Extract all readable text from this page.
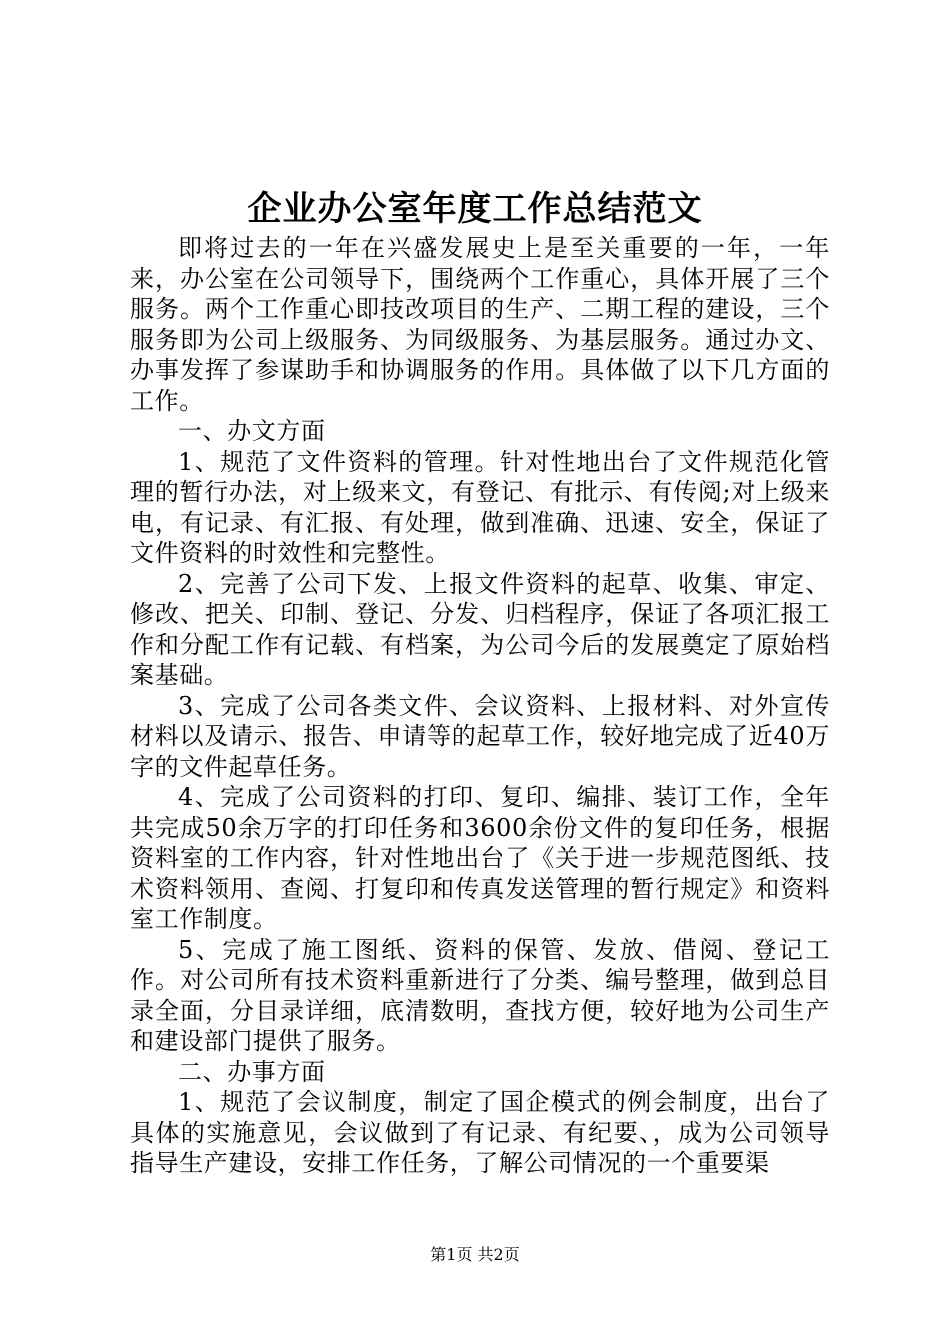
企业办公室年度工作总结范文

即将过去的一年在兴盛发展史上是至关重要的一年，一年来，办公室在公司领导下，围绕两个工作重心，具体开展了三个服务。两个工作重心即技改项目的生产、二期工程的建设，三个服务即为公司上级服务、为同级服务、为基层服务。通过办文、办事发挥了参谋助手和协调服务的作用。具体做了以下几方面的工作。

一、办文方面

1、规范了文件资料的管理。针对性地出台了文件规范化管理的暂行办法，对上级来文，有登记、有批示、有传阅;对上级来电，有记录、有汇报、有处理，做到准确、迅速、安全，保证了文件资料的时效性和完整性。

2、完善了公司下发、上报文件资料的起草、收集、审定、修改、把关、印制、登记、分发、归档程序，保证了各项汇报工作和分配工作有记载、有档案，为公司今后的发展奠定了原始档案基础。

3、完成了公司各类文件、会议资料、上报材料、对外宣传材料以及请示、报告、申请等的起草工作，较好地完成了近40万字的文件起草任务。

4、完成了公司资料的打印、复印、编排、装订工作，全年共完成50余万字的打印任务和3600余份文件的复印任务，根据资料室的工作内容，针对性地出台了《关于进一步规范图纸、技术资料领用、查阅、打复印和传真发送管理的暂行规定》和资料室工作制度。

5、完成了施工图纸、资料的保管、发放、借阅、登记工作。对公司所有技术资料重新进行了分类、编号整理，做到总目录全面，分目录详细，底清数明，查找方便，较好地为公司生产和建设部门提供了服务。

二、办事方面

1、规范了会议制度，制定了国企模式的例会制度，出台了具体的实施意见，会议做到了有记录、有纪要、，成为公司领导指导生产建设，安排工作任务，了解公司情况的一个重要渠

第1页 共2页
